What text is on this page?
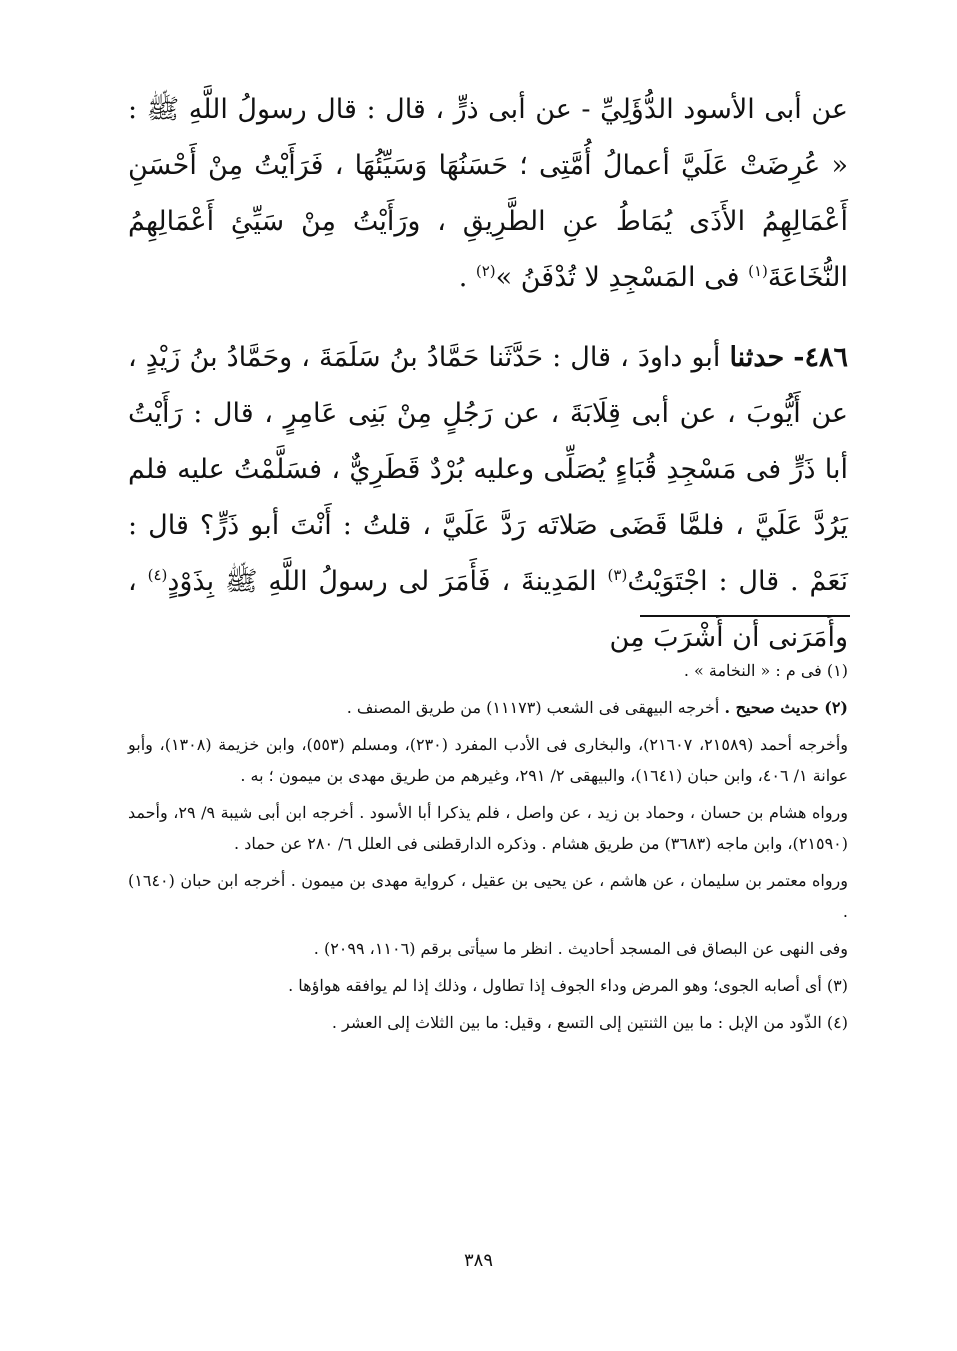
عن أبى الأسود الدُّؤَلِيِّ - عن أبى ذرٍّ ، قال : قال رسولُ اللَّهِ ﷺ : « عُرِضَتْ عَلَيَّ أعمالُ أُمَّتِى ؛ حَسَنُهَا وَسَيِّئُهَا ، فَرَأَيْتُ مِنْ أَحْسَنِ أَعْمَالِهِمُ الأَذَى يُمَاطُ عنِ الطَّرِيقِ ، ورَأَيْتُ مِنْ سَيِّئِ أَعْمَالِهِمُ النُّخَاعَةَ$^{(١)}$ فى المَسْجِدِ لا تُدْفَنُ »$^{(٢)}$ .

٤٨٦- حدثنا أبو داودَ ، قال : حَدَّثَنا حَمَّادُ بنُ سَلَمَةَ ، وحَمَّادُ بنُ زَيْدٍ ، عن أَيُّوبَ ، عن أبى قِلَابَةَ ، عن رَجُلٍ مِنْ بَنِى عَامِرٍ ، قال : رَأَيْتُ أبا ذَرٍّ فى مَسْجِدِ قُبَاءٍ يُصَلِّى وعليه بُرْدٌ قَطَرِيٌّ ، فسَلَّمْتُ عليه فلم يَرُدَّ عَلَيَّ ، فلمَّا قَضَى صَلاتَه رَدَّ عَلَيَّ ، قلتُ : أَنْتَ أبو ذَرٍّ؟ قال : نَعَمْ . قال : اجْتَوَيْتُ$^{(٣)}$ المَدِينةَ ، فَأَمَرَ لى رسولُ اللَّهِ ﷺ بِذَوْدٍ$^{(٤)}$ ، وأَمَرَنى أن أَشْرَبَ مِن

(١) فى م : « النخامة » .

(٢) حديث صحيح . أخرجه البيهقى فى الشعب (١١١٧٣) من طريق المصنف .

وأخرجه أحمد (٢١٥٨٩، ٢١٦٠٧)، والبخارى فى الأدب المفرد (٢٣٠)، ومسلم (٥٥٣)، وابن خزيمة (١٣٠٨)، وأبو عوانة ١/ ٤٠٦، وابن حبان (١٦٤١)، والبيهقى ٢/ ٢٩١، وغيرهم من طريق مهدى بن ميمون ؛ به .

ورواه هشام بن حسان ، وحماد بن زيد ، عن واصل ، فلم يذكرا أبا الأسود . أخرجه ابن أبى شيبة ٩/ ٢٩، وأحمد (٢١٥٩٠)، وابن ماجه (٣٦٨٣) من طريق هشام . وذكره الدارقطنى فى العلل ٦/ ٢٨٠ عن حماد .

ورواه معتمر بن سليمان ، عن هاشم ، عن يحيى بن عقيل ، كرواية مهدى بن ميمون . أخرجه ابن حبان (١٦٤٠) .

وفى النهى عن البصاق فى المسجد أحاديث . انظر ما سيأتى برقم (١١٠٦، ٢٠٩٩) .

(٣) أى أصابه الجوى؛ وهو المرض وداء الجوف إذا تطاول ، وذلك إذا لم يوافقه هواؤها .

(٤) الذّود من الإبل : ما بين الثنتين إلى التسع ، وقيل: ما بين الثلاث إلى العشر .

٣٨٩
